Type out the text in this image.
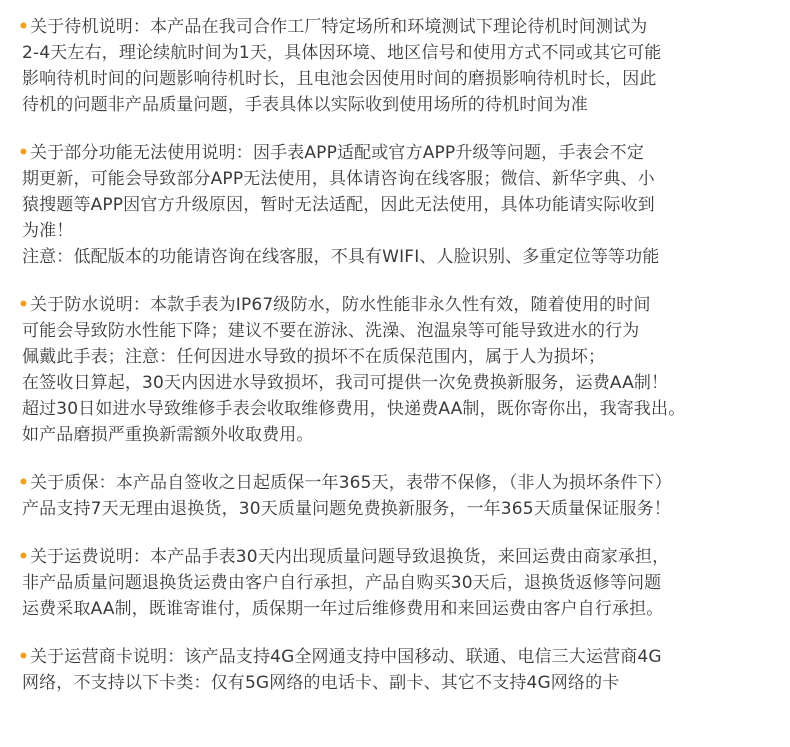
•关于待机说明：本产品在我司合作工厂特定场所和环境测试下理论待机时间测试为
2-4天左右，理论续航时间为1天，具体因环境、地区信号和使用方式不同或其它可能
影响待机时间的问题影响待机时长，且电池会因使用时间的磨损影响待机时长，因此
待机的问题非产品质量问题，手表具体以实际收到使用场所的待机时间为准
•关于部分功能无法使用说明：因手表APP适配或官方APP升级等问题，手表会不定
期更新，可能会导致部分APP无法使用，具体请咨询在线客服；微信、新华字典、小
猿搜题等APP因官方升级原因，暂时无法适配，因此无法使用，具体功能请实际收到
为准！
注意：低配版本的功能请咨询在线客服，不具有WIFI、人脸识别、多重定位等等功能
•关于防水说明：本款手表为IP67级防水，防水性能非永久性有效，随着使用的时间
可能会导致防水性能下降；建议不要在游泳、洗澡、泡温泉等可能导致进水的行为
佩戴此手表；注意：任何因进水导致的损坏不在质保范围内，属于人为损坏；
在签收日算起，30天内因进水导致损坏，我司可提供一次免费换新服务，运费AA制！
超过30日如进水导致维修手表会收取维修费用，快递费AA制，既你寄你出，我寄我出。
如产品磨损严重换新需额外收取费用。
•关于质保：本产品自签收之日起质保一年365天，表带不保修，（非人为损坏条件下）
产品支持7天无理由退换货，30天质量问题免费换新服务，一年365天质量保证服务！
•关于运费说明：本产品手表30天内出现质量问题导致退换货，来回运费由商家承担，
非产品质量问题退换货运费由客户自行承担，产品自购买30天后，退换货返修等问题
运费采取AA制，既谁寄谁付，质保期一年过后维修费用和来回运费由客户自行承担。
•关于运营商卡说明：该产品支持4G全网通支持中国移动、联通、电信三大运营商4G
网络，不支持以下卡类：仅有5G网络的电话卡、副卡、其它不支持4G网络的卡
